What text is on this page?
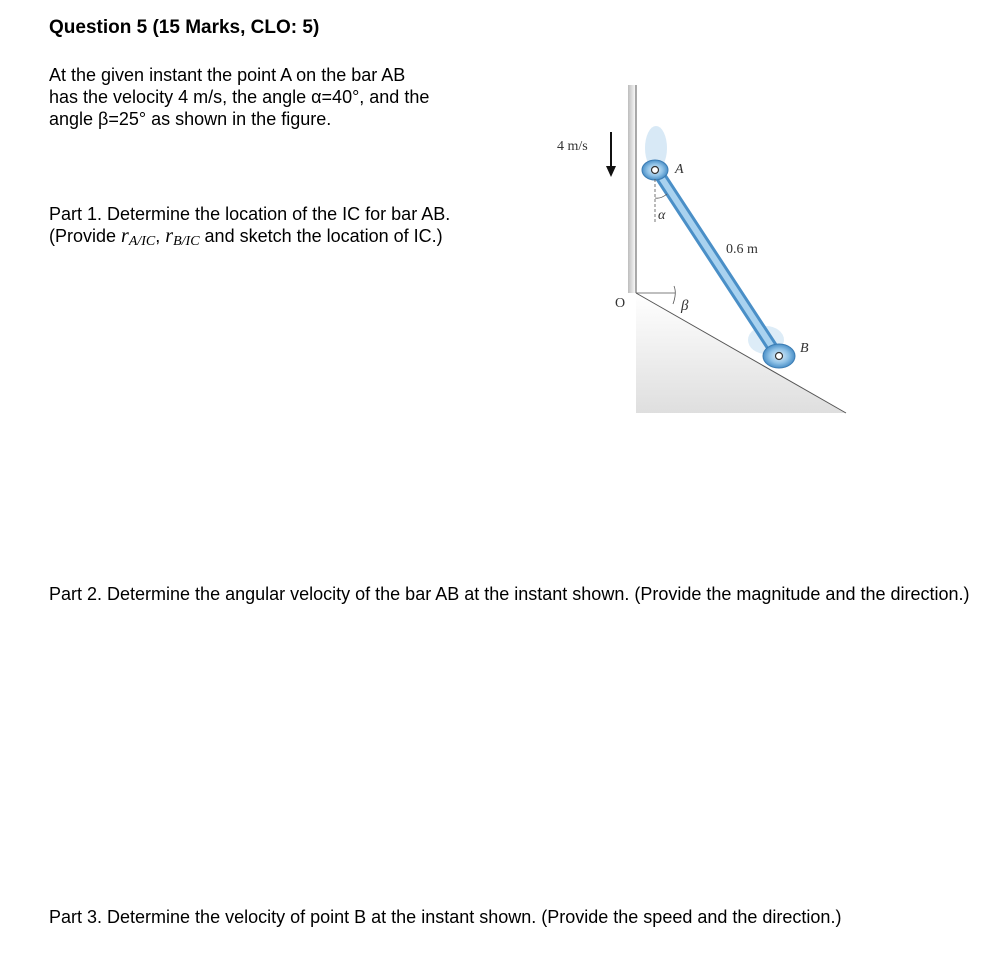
Question 5 (15 Marks, CLO: 5)
At the given instant the point A on the bar AB
has the velocity 4 m/s, the angle α=40°, and the
angle β=25° as shown in the figure.
Part 1. Determine the location of the IC for bar AB. (Provide $r_{A/IC}$, $r_{B/IC}$ and sketch the location of IC.)
Part 2. Determine the angular velocity of the bar AB at the instant shown. (Provide the magnitude and the direction.)
Part 3. Determine the velocity of point B at the instant shown. (Provide the speed and the direction.)
A
B
4 m/s
α
0.6 m
β
O
